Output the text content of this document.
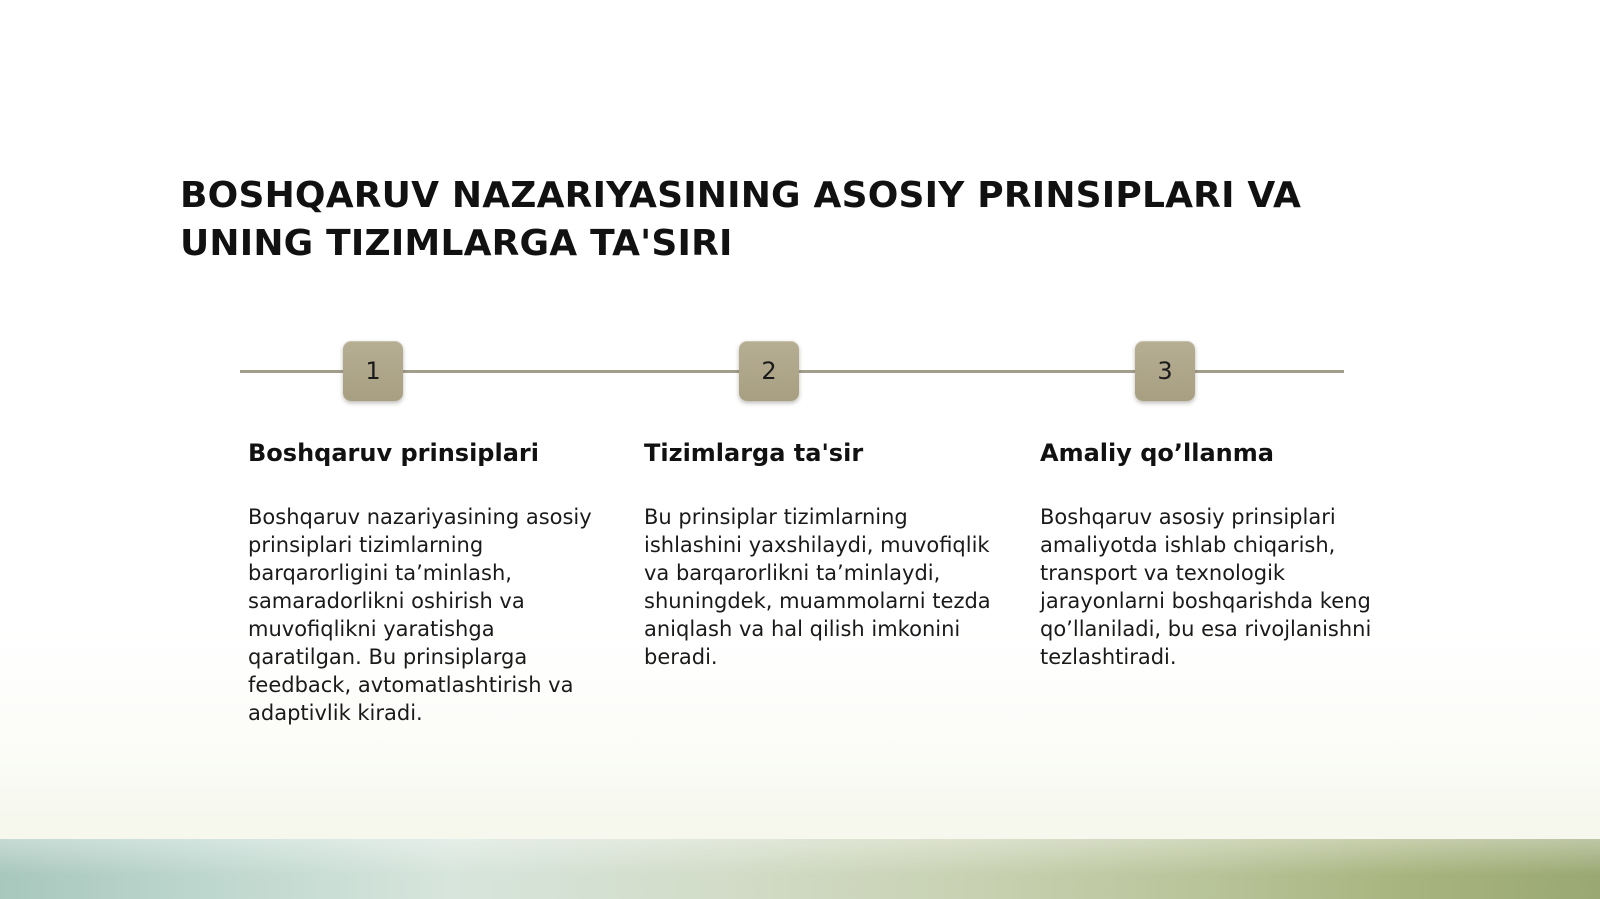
BOSHQARUV NAZARIYASINING ASOSIY PRINSIPLARI VA UNING TIZIMLARGA TA'SIRI
1	2	3
Boshqaruv prinsiplari

Boshqaruv nazariyasining asosiy prinsiplari tizimlarning barqarorligini ta’minlash, samaradorlikni oshirish va muvofiqlikni yaratishga qaratilgan. Bu prinsiplarga feedback, avtomatlashtirish va adaptivlik kiradi.

Tizimlarga ta'sir

Bu prinsiplar tizimlarning ishlashini yaxshilaydi, muvofiqlik va barqarorlikni ta’minlaydi, shuningdek, muammolarni tezda aniqlash va hal qilish imkonini beradi.

Amaliy qo’llanma

Boshqaruv asosiy prinsiplari amaliyotda ishlab chiqarish, transport va texnologik jarayonlarni boshqarishda keng qo’llaniladi, bu esa rivojlanishni tezlashtiradi.
